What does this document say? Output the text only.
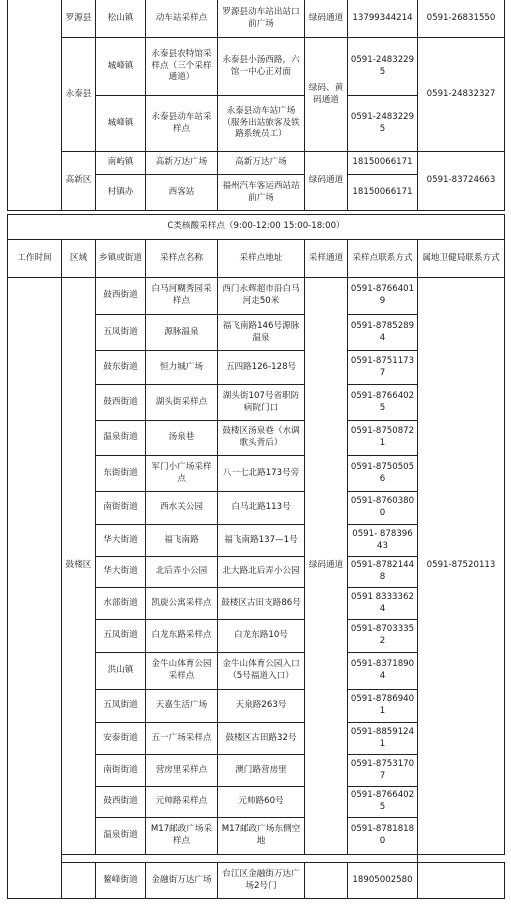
	罗源县	松山镇	动车站采样点	罗源县动车站出站口前广场	绿码通道	13799344214	0591-26831550
	永泰县	城峰镇	永泰县农特馆采样点（三个采样通道）	永泰县小汤西路，六馆一中心正对面	绿码、黄码通道	0591-24832295	0591-24832327
		城峰镇	永泰县动车站采样点	永泰县动车站广场（服务出站旅客及铁路系统员工）		0591-24832295	
	高新区	南屿镇	高新万达广场	高新万达广场	绿码通道	18150066171	0591-83724663
		村镇办	西客站	福州汽车客运西站站前广场		18150066171	
C类核酸采样点（9:00-12:00 15:00-18:00）							
工作时间	区域	乡镇或街道	采样点名称	采样点地址	采样通道	采样点联系方式	属地卫健局联系方式
	鼓楼区	鼓西街道	白马河糊秀园采样点	西门永辉超市沿白马河走50米	绿码通道	0591-87664019	0591-87520113
		五凤街道	源脉温泉	福飞南路146号源脉温泉		0591-87852894	
		鼓东街道	恒力城广场	五四路126-128号		0591-87511737	
		鼓西街道	湖头街采样点	湖头街107号省职防病院门口		0591-87664025	
		温泉街道	汤泉巷	鼓楼区汤泉巷（水调歌头背后）		0591-87508721	
		东街街道	军门小广场采样点	八一七北路173号旁		0591-87505056	
		南街街道	西水关公园	白马北路113号		0591-87603800	
		华大街道	福飞南路	福飞南路137—1号		0591- 87839643	
		华大街道	北后弄小公园	北大路北后弄小公园		0591-87821448	
		水部街道	凯旋公寓采样点	鼓楼区古田支路86号		0591 83333624	
		五凤街道	白龙东路采样点	白龙东路10号		0591-87033352	
		洪山镇	金牛山体育公园采样点	金牛山体育公园入口（5号福道入口）		0591-83718904	
		五凤街道	天嘉生活广场	天泉路263号		0591-87869401	
		安泰街道	五一广场采样点	鼓楼区古田路32号		0591-88591241	
		南街街道	营房里采样点	澳门路营房里		0591-87531707	
		鼓西街道	元帅路采样点	元帅路60号		0591-87664025	
		温泉街道	M17邮政广场采样点	M17邮政广场东侧空地		0591-87818180	

		鳌峰街道	金融街万达广场	台江区金融街万达广场2号门		18905002580	
